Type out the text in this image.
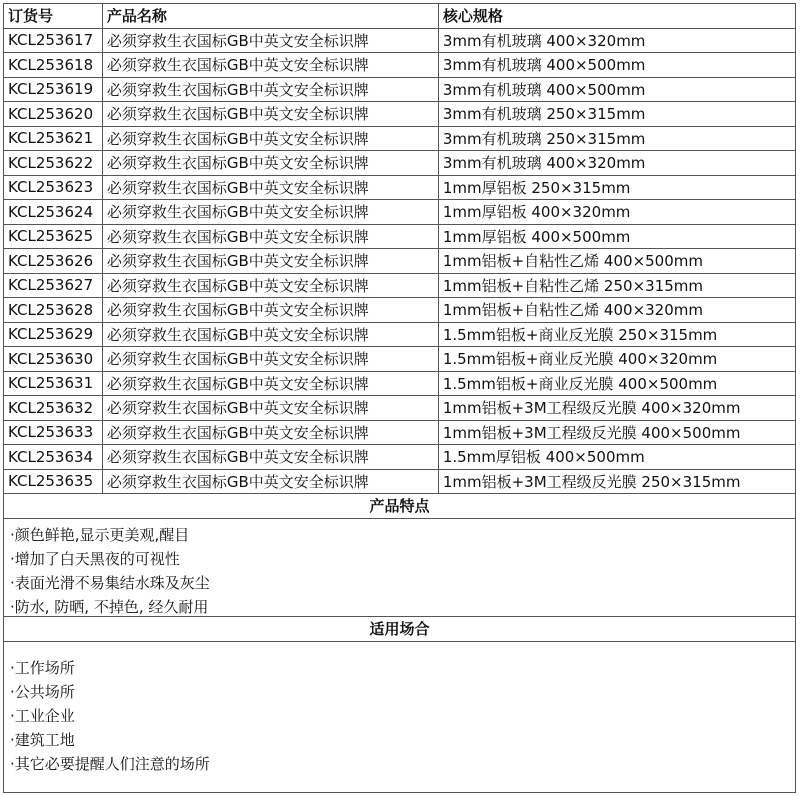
订货号	产品名称	核心规格
KCL253617	必须穿救生衣国标GB中英文安全标识牌	3mm有机玻璃 400×320mm
KCL253618	必须穿救生衣国标GB中英文安全标识牌	3mm有机玻璃 400×500mm
KCL253619	必须穿救生衣国标GB中英文安全标识牌	3mm有机玻璃 400×500mm
KCL253620	必须穿救生衣国标GB中英文安全标识牌	3mm有机玻璃 250×315mm
KCL253621	必须穿救生衣国标GB中英文安全标识牌	3mm有机玻璃 250×315mm
KCL253622	必须穿救生衣国标GB中英文安全标识牌	3mm有机玻璃 400×320mm
KCL253623	必须穿救生衣国标GB中英文安全标识牌	1mm厚铝板 250×315mm
KCL253624	必须穿救生衣国标GB中英文安全标识牌	1mm厚铝板 400×320mm
KCL253625	必须穿救生衣国标GB中英文安全标识牌	1mm厚铝板 400×500mm
KCL253626	必须穿救生衣国标GB中英文安全标识牌	1mm铝板+自粘性乙烯 400×500mm
KCL253627	必须穿救生衣国标GB中英文安全标识牌	1mm铝板+自粘性乙烯 250×315mm
KCL253628	必须穿救生衣国标GB中英文安全标识牌	1mm铝板+自粘性乙烯 400×320mm
KCL253629	必须穿救生衣国标GB中英文安全标识牌	1.5mm铝板+商业反光膜 250×315mm
KCL253630	必须穿救生衣国标GB中英文安全标识牌	1.5mm铝板+商业反光膜 400×320mm
KCL253631	必须穿救生衣国标GB中英文安全标识牌	1.5mm铝板+商业反光膜 400×500mm
KCL253632	必须穿救生衣国标GB中英文安全标识牌	1mm铝板+3M工程级反光膜 400×320mm
KCL253633	必须穿救生衣国标GB中英文安全标识牌	1mm铝板+3M工程级反光膜 400×500mm
KCL253634	必须穿救生衣国标GB中英文安全标识牌	1.5mm厚铝板 400×500mm
KCL253635	必须穿救生衣国标GB中英文安全标识牌	1mm铝板+3M工程级反光膜 250×315mm
产品特点
·颜色鲜艳,显示更美观,醒目
·增加了白天黑夜的可视性
·表面光滑不易集结水珠及灰尘
·防水, 防晒, 不掉色, 经久耐用
适用场合
·工作场所
·公共场所
·工业企业
·建筑工地
·其它必要提醒人们注意的场所
